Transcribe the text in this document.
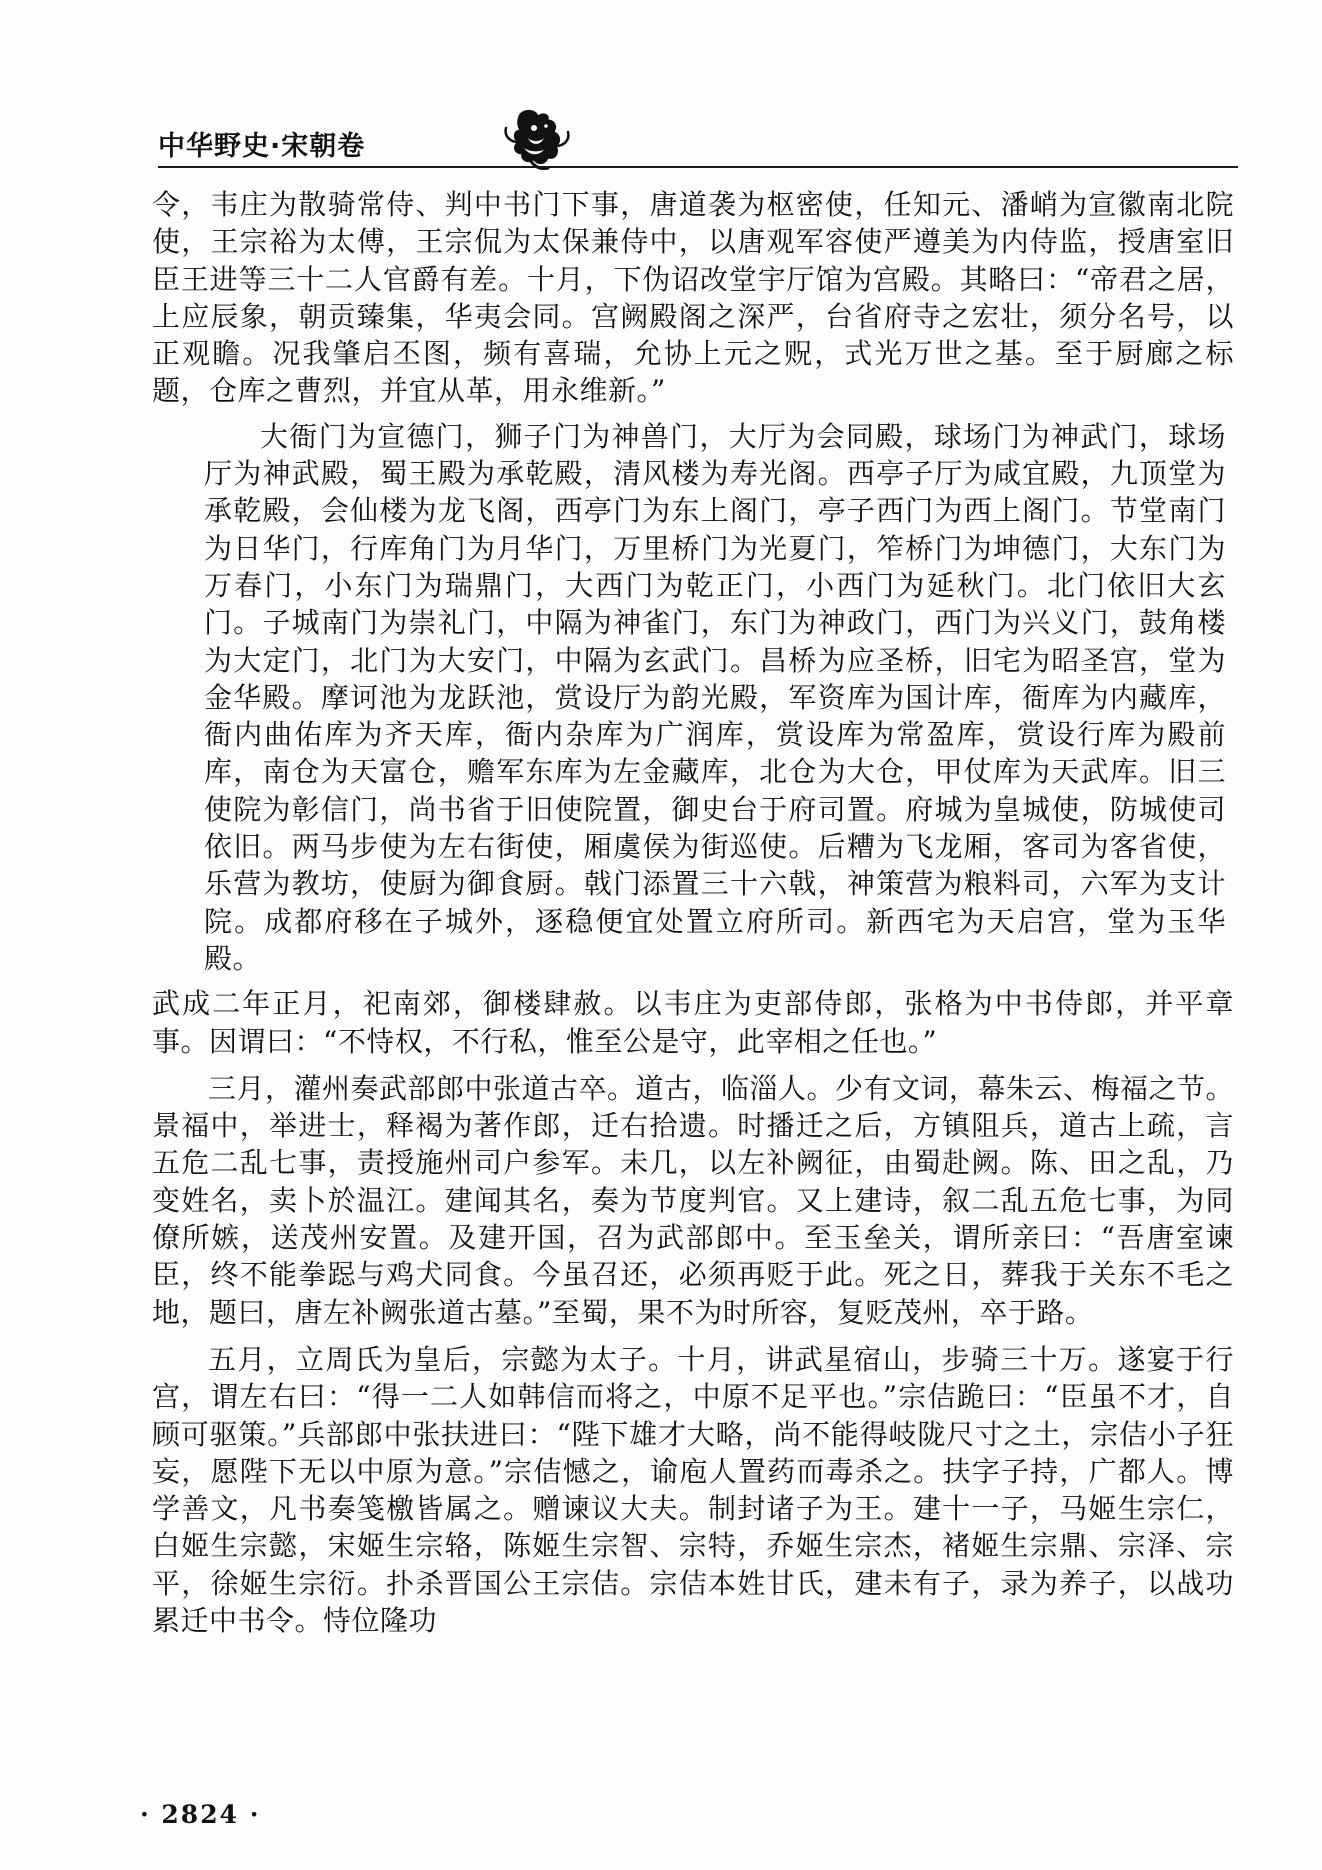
中华野史·宋朝卷

令，韦庄为散骑常侍、判中书门下事，唐道袭为枢密使，任知元、潘峭为宣徽南北院使，王宗裕为太傅，王宗侃为太保兼侍中，以唐观军容使严遵美为内侍监，授唐室旧臣王进等三十二人官爵有差。十月，下伪诏改堂宇厅馆为宫殿。其略曰：“帝君之居，上应辰象，朝贡臻集，华夷会同。宫阙殿阁之深严，台省府寺之宏壮，须分名号，以正观瞻。况我肇启丕图，频有喜瑞，允协上元之贶，式光万世之基。至于厨廊之标题，仓库之曹烈，并宜从革，用永维新。”

大衙门为宣德门，狮子门为神兽门，大厅为会同殿，球场门为神武门，球场厅为神武殿，蜀王殿为承乾殿，清风楼为寿光阁。西亭子厅为咸宜殿，九顶堂为承乾殿，会仙楼为龙飞阁，西亭门为东上阁门，亭子西门为西上阁门。节堂南门为日华门，行库角门为月华门，万里桥门为光夏门，笮桥门为坤德门，大东门为万春门，小东门为瑞鼎门，大西门为乾正门，小西门为延秋门。北门依旧大玄门。子城南门为崇礼门，中隔为神雀门，东门为神政门，西门为兴义门，鼓角楼为大定门，北门为大安门，中隔为玄武门。昌桥为应圣桥，旧宅为昭圣宫，堂为金华殿。摩诃池为龙跃池，赏设厅为韵光殿，军资库为国计库，衙库为内藏库，衙内曲佑库为齐天库，衙内杂库为广润库，赏设库为常盈库，赏设行库为殿前库，南仓为天富仓，赡军东库为左金藏库，北仓为大仓，甲仗库为天武库。旧三使院为彰信门，尚书省于旧使院置，御史台于府司置。府城为皇城使，防城使司依旧。两马步使为左右街使，厢虞侯为街巡使。后糟为飞龙厢，客司为客省使，乐营为教坊，使厨为御食厨。戟门添置三十六戟，神策营为粮料司，六军为支计院。成都府移在子城外，逐稳便宜处置立府所司。新西宅为天启宫，堂为玉华殿。

武成二年正月，祀南郊，御楼肆赦。以韦庄为吏部侍郎，张格为中书侍郎，并平章事。因谓曰：“不恃权，不行私，惟至公是守，此宰相之任也。”

三月，灌州奏武部郎中张道古卒。道古，临淄人。少有文词，幕朱云、梅福之节。景福中，举进士，释褐为著作郎，迁右拾遗。时播迁之后，方镇阻兵，道古上疏，言五危二乱七事，责授施州司户参军。未几，以左补阙征，由蜀赴阙。陈、田之乱，乃变姓名，卖卜於温江。建闻其名，奏为节度判官。又上建诗，叙二乱五危七事，为同僚所嫉，送茂州安置。及建开国，召为武部郎中。至玉垒关，谓所亲曰：“吾唐室谏臣，终不能拳跽与鸡犬同食。今虽召还，必须再贬于此。死之日，葬我于关东不毛之地，题曰，唐左补阙张道古墓。”至蜀，果不为时所容，复贬茂州，卒于路。

五月，立周氏为皇后，宗懿为太子。十月，讲武星宿山，步骑三十万。遂宴于行宫，谓左右曰：“得一二人如韩信而将之，中原不足平也。”宗佶跪曰：“臣虽不才，自顾可驱策。”兵部郎中张扶进曰：“陛下雄才大略，尚不能得岐陇尺寸之土，宗佶小子狂妄，愿陛下无以中原为意。”宗佶憾之，谕庖人置药而毒杀之。扶字子持，广都人。博学善文，凡书奏笺檄皆属之。赠谏议大夫。制封诸子为王。建十一子，马姬生宗仁，白姬生宗懿，宋姬生宗辂，陈姬生宗智、宗特，乔姬生宗杰，褚姬生宗鼎、宗泽、宗平，徐姬生宗衍。扑杀晋国公王宗佶。宗佶本姓甘氏，建未有子，录为养子，以战功累迁中书令。恃位隆功

· 2824 ·
